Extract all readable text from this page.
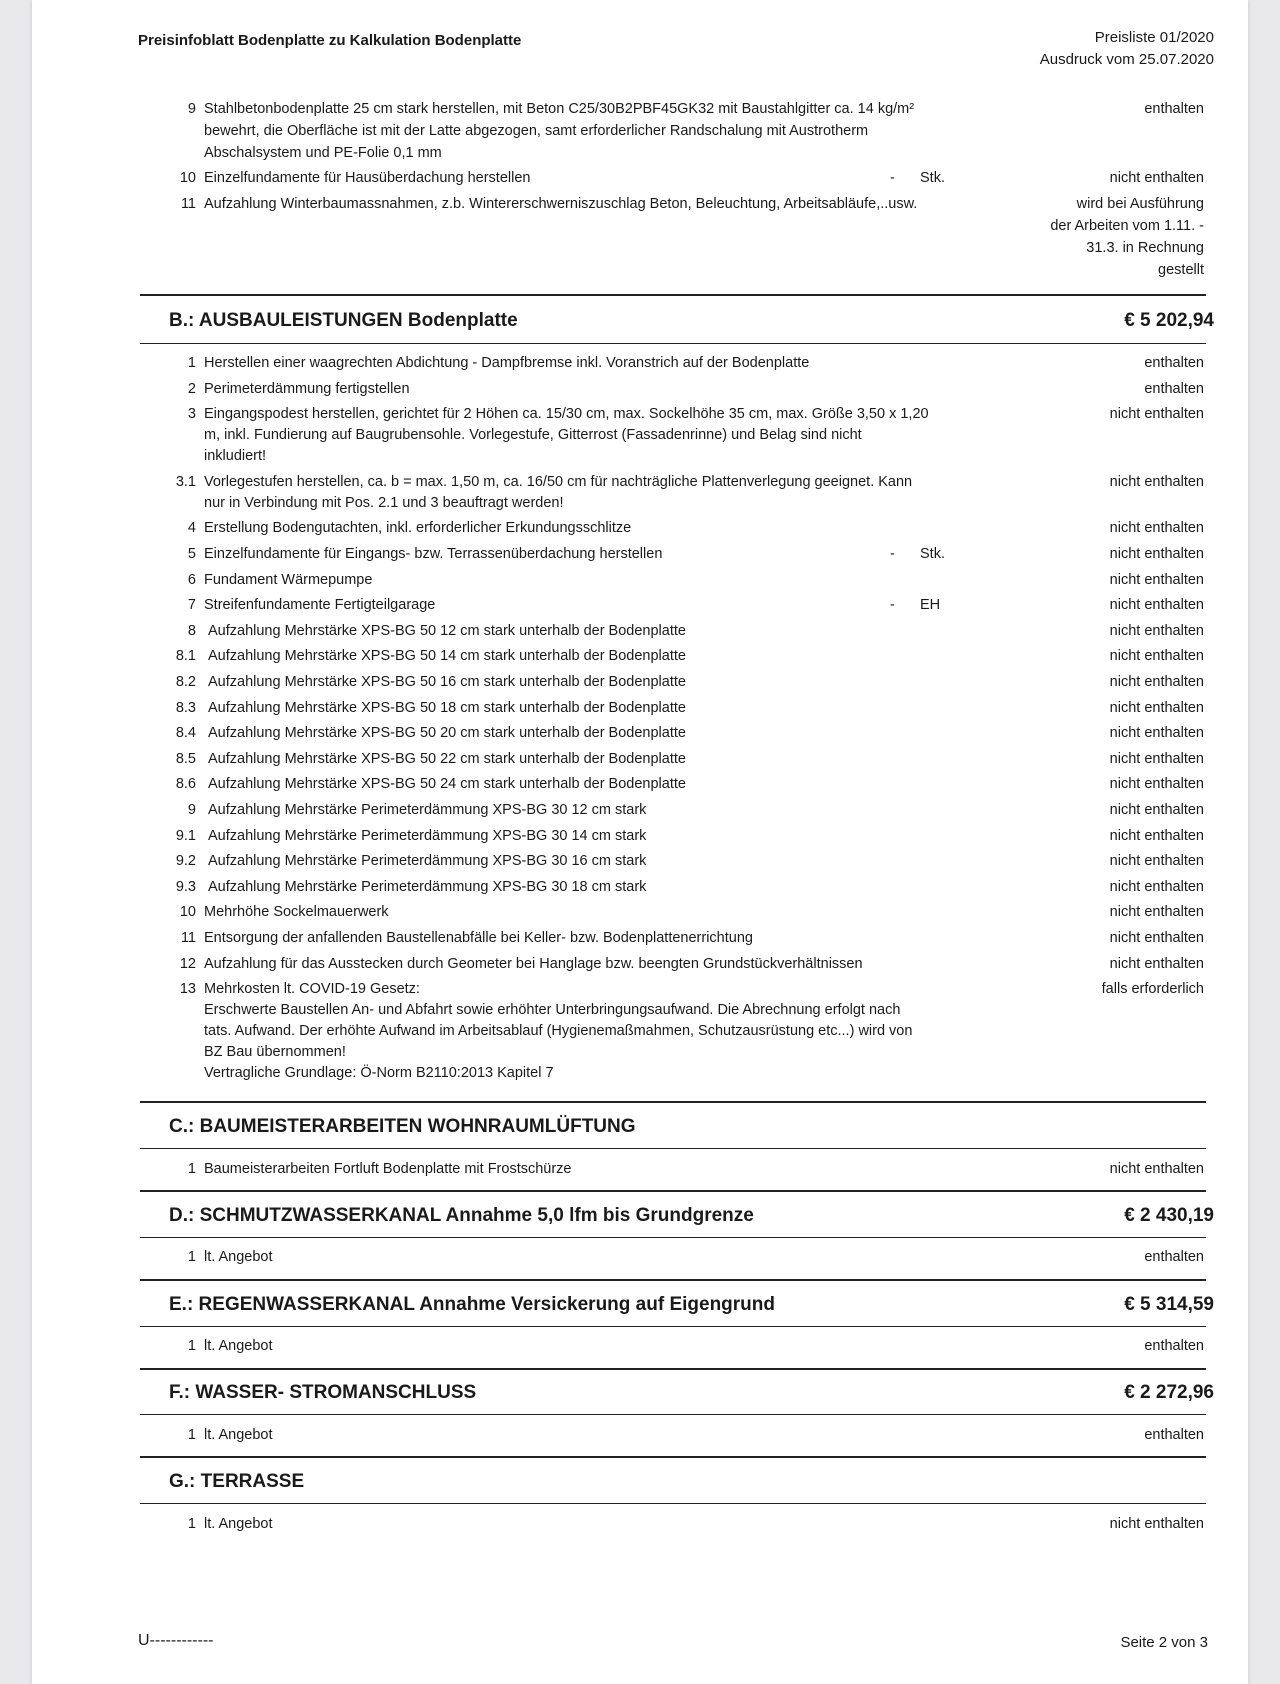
Preisinfoblatt Bodenplatte zu Kalkulation Bodenplatte	Preisliste 01/2020
Ausdruck vom 25.07.2020
9 Stahlbetonbodenplatte 25 cm stark herstellen, mit Beton C25/30B2PBF45GK32 mit Baustahlgitter ca. 14 kg/m²
bewehrt, die Oberfläche ist mit der Latte abgezogen, samt erforderlicher Randschalung mit Austrotherm
Abschalsystem und PE-Folie 0,1 mm
enthalten
10 Einzelfundamente für Hausüberdachung herstellen	- Stk.	nicht enthalten
11 Aufzahlung Winterbaumassnahmen, z.b. Wintererschwerniszuschlag Beton, Beleuchtung, Arbeitsabläufe,..usw.	wird bei Ausführung
der Arbeiten vom 1.11. -
31.3. in Rechnung
gestellt
B.: AUSBAULEISTUNGEN Bodenplatte	€ 5 202,94
1 Herstellen einer waagrechten Abdichtung - Dampfbremse inkl. Voranstrich auf der Bodenplatte	enthalten
2 Perimeterdämmung fertigstellen	enthalten
3 Eingangspodest herstellen, gerichtet für 2 Höhen ca. 15/30 cm, max. Sockelhöhe 35 cm, max. Größe 3,50 x 1,20
m, inkl. Fundierung auf Baugrubensohle. Vorlegestufe, Gitterrost (Fassadenrinne) und Belag sind nicht
inkludiert!
nicht enthalten
3.1 Vorlegestufen herstellen, ca. b = max. 1,50 m, ca. 16/50 cm für nachträgliche Plattenverlegung geeignet. Kann
nur in Verbindung mit Pos. 2.1 und 3 beauftragt werden!
nicht enthalten
4 Erstellung Bodengutachten, inkl. erforderlicher Erkundungsschlitze	nicht enthalten
5 Einzelfundamente für Eingangs- bzw. Terrassenüberdachung herstellen	- Stk.	nicht enthalten
6 Fundament Wärmepumpe	nicht enthalten
7 Streifenfundamente Fertigteilgarage	- EH	nicht enthalten
8 Aufzahlung Mehrstärke XPS-BG 50 12 cm stark unterhalb der Bodenplatte	nicht enthalten
8.1 Aufzahlung Mehrstärke XPS-BG 50 14 cm stark unterhalb der Bodenplatte	nicht enthalten
8.2 Aufzahlung Mehrstärke XPS-BG 50 16 cm stark unterhalb der Bodenplatte	nicht enthalten
8.3 Aufzahlung Mehrstärke XPS-BG 50 18 cm stark unterhalb der Bodenplatte	nicht enthalten
8.4 Aufzahlung Mehrstärke XPS-BG 50 20 cm stark unterhalb der Bodenplatte	nicht enthalten
8.5 Aufzahlung Mehrstärke XPS-BG 50 22 cm stark unterhalb der Bodenplatte	nicht enthalten
8.6 Aufzahlung Mehrstärke XPS-BG 50 24 cm stark unterhalb der Bodenplatte	nicht enthalten
9 Aufzahlung Mehrstärke Perimeterdämmung XPS-BG 30 12 cm stark	nicht enthalten
9.1 Aufzahlung Mehrstärke Perimeterdämmung XPS-BG 30 14 cm stark	nicht enthalten
9.2 Aufzahlung Mehrstärke Perimeterdämmung XPS-BG 30 16 cm stark	nicht enthalten
9.3 Aufzahlung Mehrstärke Perimeterdämmung XPS-BG 30 18 cm stark	nicht enthalten
10 Mehrhöhe Sockelmauerwerk	nicht enthalten
11 Entsorgung der anfallenden Baustellenabfälle bei Keller- bzw. Bodenplattenerrichtung	nicht enthalten
12 Aufzahlung für das Ausstecken durch Geometer bei Hanglage bzw. beengten Grundstückverhältnissen	nicht enthalten
13 Mehrkosten lt. COVID-19 Gesetz:
Erschwerte Baustellen An- und Abfahrt sowie erhöhter Unterbringungsaufwand. Die Abrechnung erfolgt nach
tats. Aufwand. Der erhöhte Aufwand im Arbeitsablauf (Hygienemaßmahmen, Schutzausrüstung etc...) wird von
BZ Bau übernommen!
Vertragliche Grundlage: Ö-Norm B2110:2013 Kapitel 7
falls erforderlich
C.: BAUMEISTERARBEITEN WOHNRAUMLÜFTUNG
1 Baumeisterarbeiten Fortluft Bodenplatte mit Frostschürze	nicht enthalten
D.: SCHMUTZWASSERKANAL Annahme 5,0 lfm bis Grundgrenze	€ 2 430,19
1 lt. Angebot	enthalten
E.: REGENWASSERKANAL Annahme Versickerung auf Eigengrund	€ 5 314,59
1 lt. Angebot	enthalten
F.: WASSER- STROMANSCHLUSS	€ 2 272,96
1 lt. Angebot	enthalten
G.: TERRASSE
1 lt. Angebot	nicht enthalten
U------------	Seite 2 von 3
